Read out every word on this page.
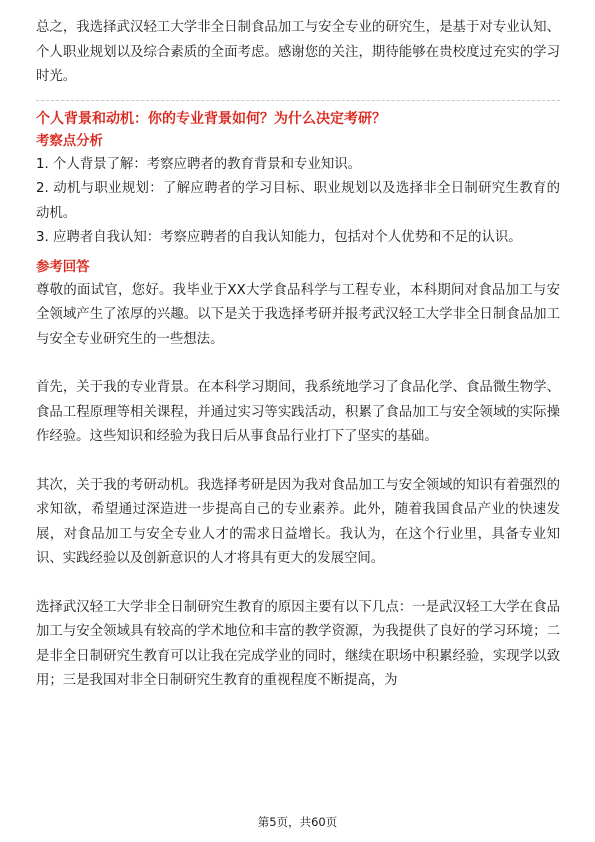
总之，我选择武汉轻工大学非全日制食品加工与安全专业的研究生，是基于对专业认知、个人职业规划以及综合素质的全面考虑。感谢您的关注，期待能够在贵校度过充实的学习时光。

个人背景和动机：你的专业背景如何？为什么决定考研？

考察点分析

1. 个人背景了解：考察应聘者的教育背景和专业知识。

2. 动机与职业规划：了解应聘者的学习目标、职业规划以及选择非全日制研究生教育的动机。

3. 应聘者自我认知：考察应聘者的自我认知能力，包括对个人优势和不足的认识。

参考回答

尊敬的面试官，您好。我毕业于XX大学食品科学与工程专业，本科期间对食品加工与安全领域产生了浓厚的兴趣。以下是关于我选择考研并报考武汉轻工大学非全日制食品加工与安全专业研究生的一些想法。

首先，关于我的专业背景。在本科学习期间，我系统地学习了食品化学、食品微生物学、食品工程原理等相关课程，并通过实习等实践活动，积累了食品加工与安全领域的实际操作经验。这些知识和经验为我日后从事食品行业打下了坚实的基础。

其次，关于我的考研动机。我选择考研是因为我对食品加工与安全领域的知识有着强烈的求知欲，希望通过深造进一步提高自己的专业素养。此外，随着我国食品产业的快速发展，对食品加工与安全专业人才的需求日益增长。我认为，在这个行业里，具备专业知识、实践经验以及创新意识的人才将具有更大的发展空间。

选择武汉轻工大学非全日制研究生教育的原因主要有以下几点：一是武汉轻工大学在食品加工与安全领域具有较高的学术地位和丰富的教学资源，为我提供了良好的学习环境；二是非全日制研究生教育可以让我在完成学业的同时，继续在职场中积累经验，实现学以致用；三是我国对非全日制研究生教育的重视程度不断提高，为

第5页，共60页
